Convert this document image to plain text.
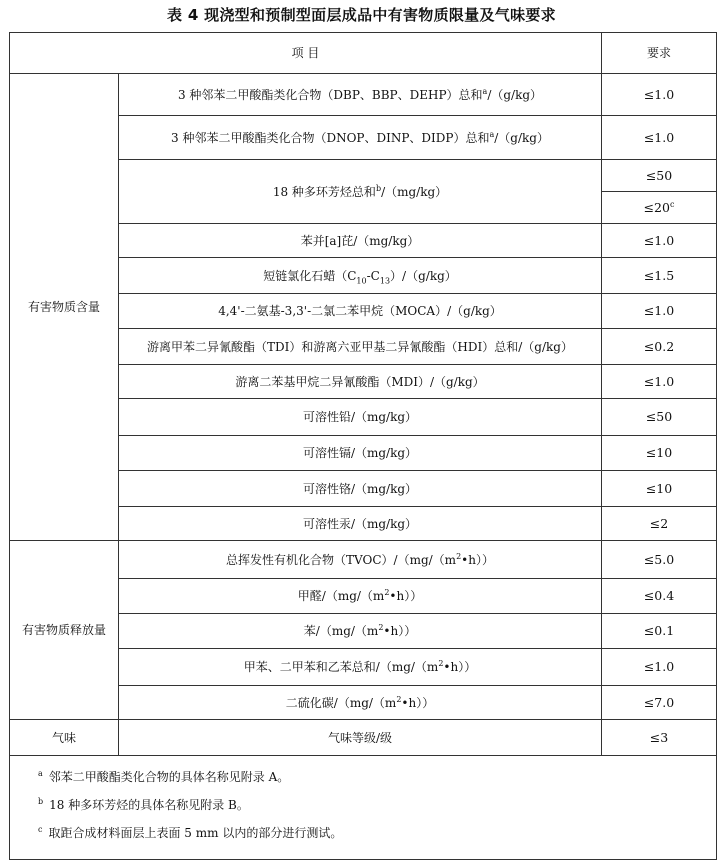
表 4 现浇型和预制型面层成品中有害物质限量及气味要求
项 目		要求
有害物质含量	3 种邻苯二甲酸酯类化合物（DBP、BBP、DEHP）总和$^a$/（g/kg）	≤1.0
	3 种邻苯二甲酸酯类化合物（DNOP、DINP、DIDP）总和$^a$/（g/kg）	≤1.0
	18 种多环芳烃总和$^b$/（mg/kg）	≤50
		$\le 20^c$
	苯并[a]芘/（mg/kg）	≤1.0
	短链氯化石蜡$(C_{10}-C_{13})/(g/kg)$	≤1.5
	4,4'-二氨基-3,3'-二氯二苯甲烷（MOCA）/（g/kg）	≤1.0
	游离甲苯二异氰酸酯（TDI）和游离六亚甲基二异氰酸酯（HDI）总和/（g/kg）	≤0.2
	游离二苯基甲烷二异氰酸酯（MDI）/（g/kg）	≤1.0
	可溶性铅/（mg/kg）	≤50
	可溶性镉/（mg/kg）	≤10
	可溶性铬/（mg/kg）	≤10
	可溶性汞/（mg/kg）	≤2
有害物质释放量	总挥发性有机化合物$(TVOC)/(mg/(m^2•h))$	≤5.0
	甲醛$/(mg/(m^2•h))$	≤0.4
	苯$/(mg/(m^2•h))$	≤0.1
	甲苯、二甲苯和乙苯总和$/(mg/(m^2•h))$	≤1.0
	二硫化碳$/(mg/(m^2•h))$	≤7.0
气味	气味等级/级	≤3

$^a$ 邻苯二甲酸酯类化合物的具体名称见附录 A。
$^b$ 18 种多环芳烃的具体名称见附录 B。
$^c$ 取距合成材料面层上表面 5 mm 以内的部分进行测试。		
